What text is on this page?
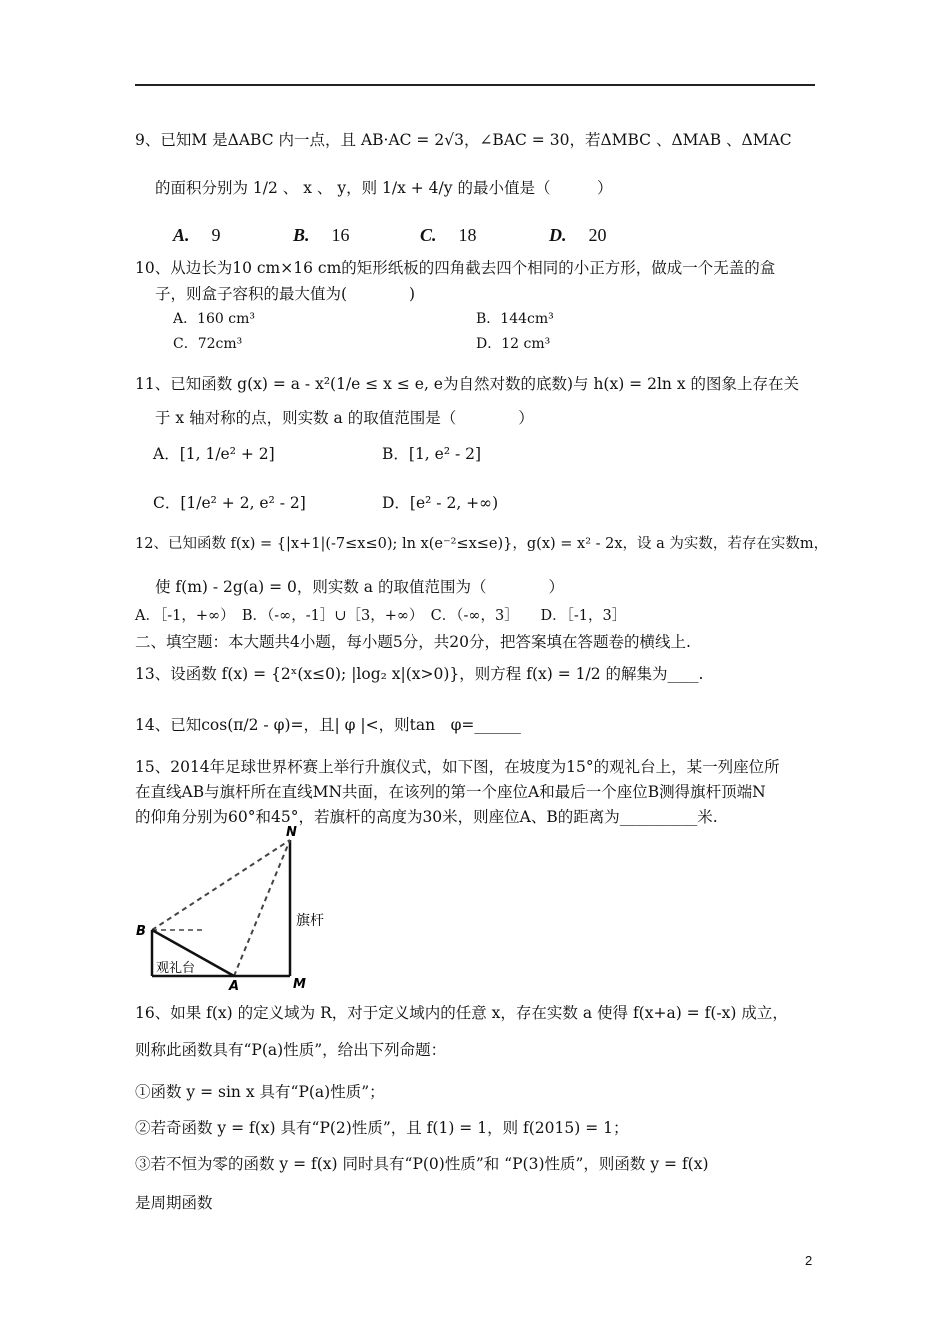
9、已知M 是ΔABC 内一点，且 AB·AC = 2√3，∠BAC = 30，若ΔMBC 、ΔMAB 、ΔMAC
的面积分别为 1/2 、 x 、 y，则 1/x + 4/y 的最小值是（　　　）
A. 9	B. 16	C. 18	D. 20
10、从边长为10 cm×16 cm的矩形纸板的四角截去四个相同的小正方形，做成一个无盖的盒
子，则盒子容积的最大值为(　　　　)
A．160 cm³	B．144cm³
C．72cm³	D．12 cm³
11、已知函数 g(x) = a - x²(1/e ≤ x ≤ e, e为自然对数的底数)与 h(x) = 2ln x 的图象上存在关
于 x 轴对称的点，则实数 a 的取值范围是（　　　　）
A．[1, 1/e² + 2]	B．[1, e² - 2]
C．[1/e² + 2, e² - 2]	D．[e² - 2, +∞)
12、已知函数 f(x) = {|x+1|(-7≤x≤0); ln x(e⁻²≤x≤e)}，g(x) = x² - 2x，设 a 为实数，若存在实数m，
使 f(m) - 2g(a) = 0，则实数 a 的取值范围为（　　　　）
A．［-1，+∞）　B．（-∞，-1］∪［3，+∞）　C．（-∞，3］　　D．［-1，3］
二、填空题：本大题共4小题，每小题5分，共20分，把答案填在答题卷的横线上.
13、设函数 f(x) = {2ˣ(x≤0); |log₂ x|(x>0)}，则方程 f(x) = 1/2 的解集为____.
14、已知cos(π/2 - φ)=，且| φ |<，则tan　φ=______
15、2014年足球世界杯赛上举行升旗仪式，如下图，在坡度为15°的观礼台上，某一列座位所
在直线AB与旗杆所在直线MN共面，在该列的第一个座位A和最后一个座位B测得旗杆顶端N
的仰角分别为60°和45°，若旗杆的高度为30米，则座位A、B的距离为__________米.
N
B
A	M
旗杆
观礼台
16、如果 f(x) 的定义域为 R，对于定义域内的任意 x，存在实数 a 使得 f(x+a) = f(-x) 成立，
则称此函数具有“P(a)性质”，给出下列命题：
①函数 y = sin x 具有“P(a)性质”；
②若奇函数 y = f(x) 具有“P(2)性质”，且 f(1) = 1，则 f(2015) = 1；
③若不恒为零的函数 y = f(x) 同时具有“P(0)性质”和 “P(3)性质”，则函数 y = f(x)
是周期函数
2
